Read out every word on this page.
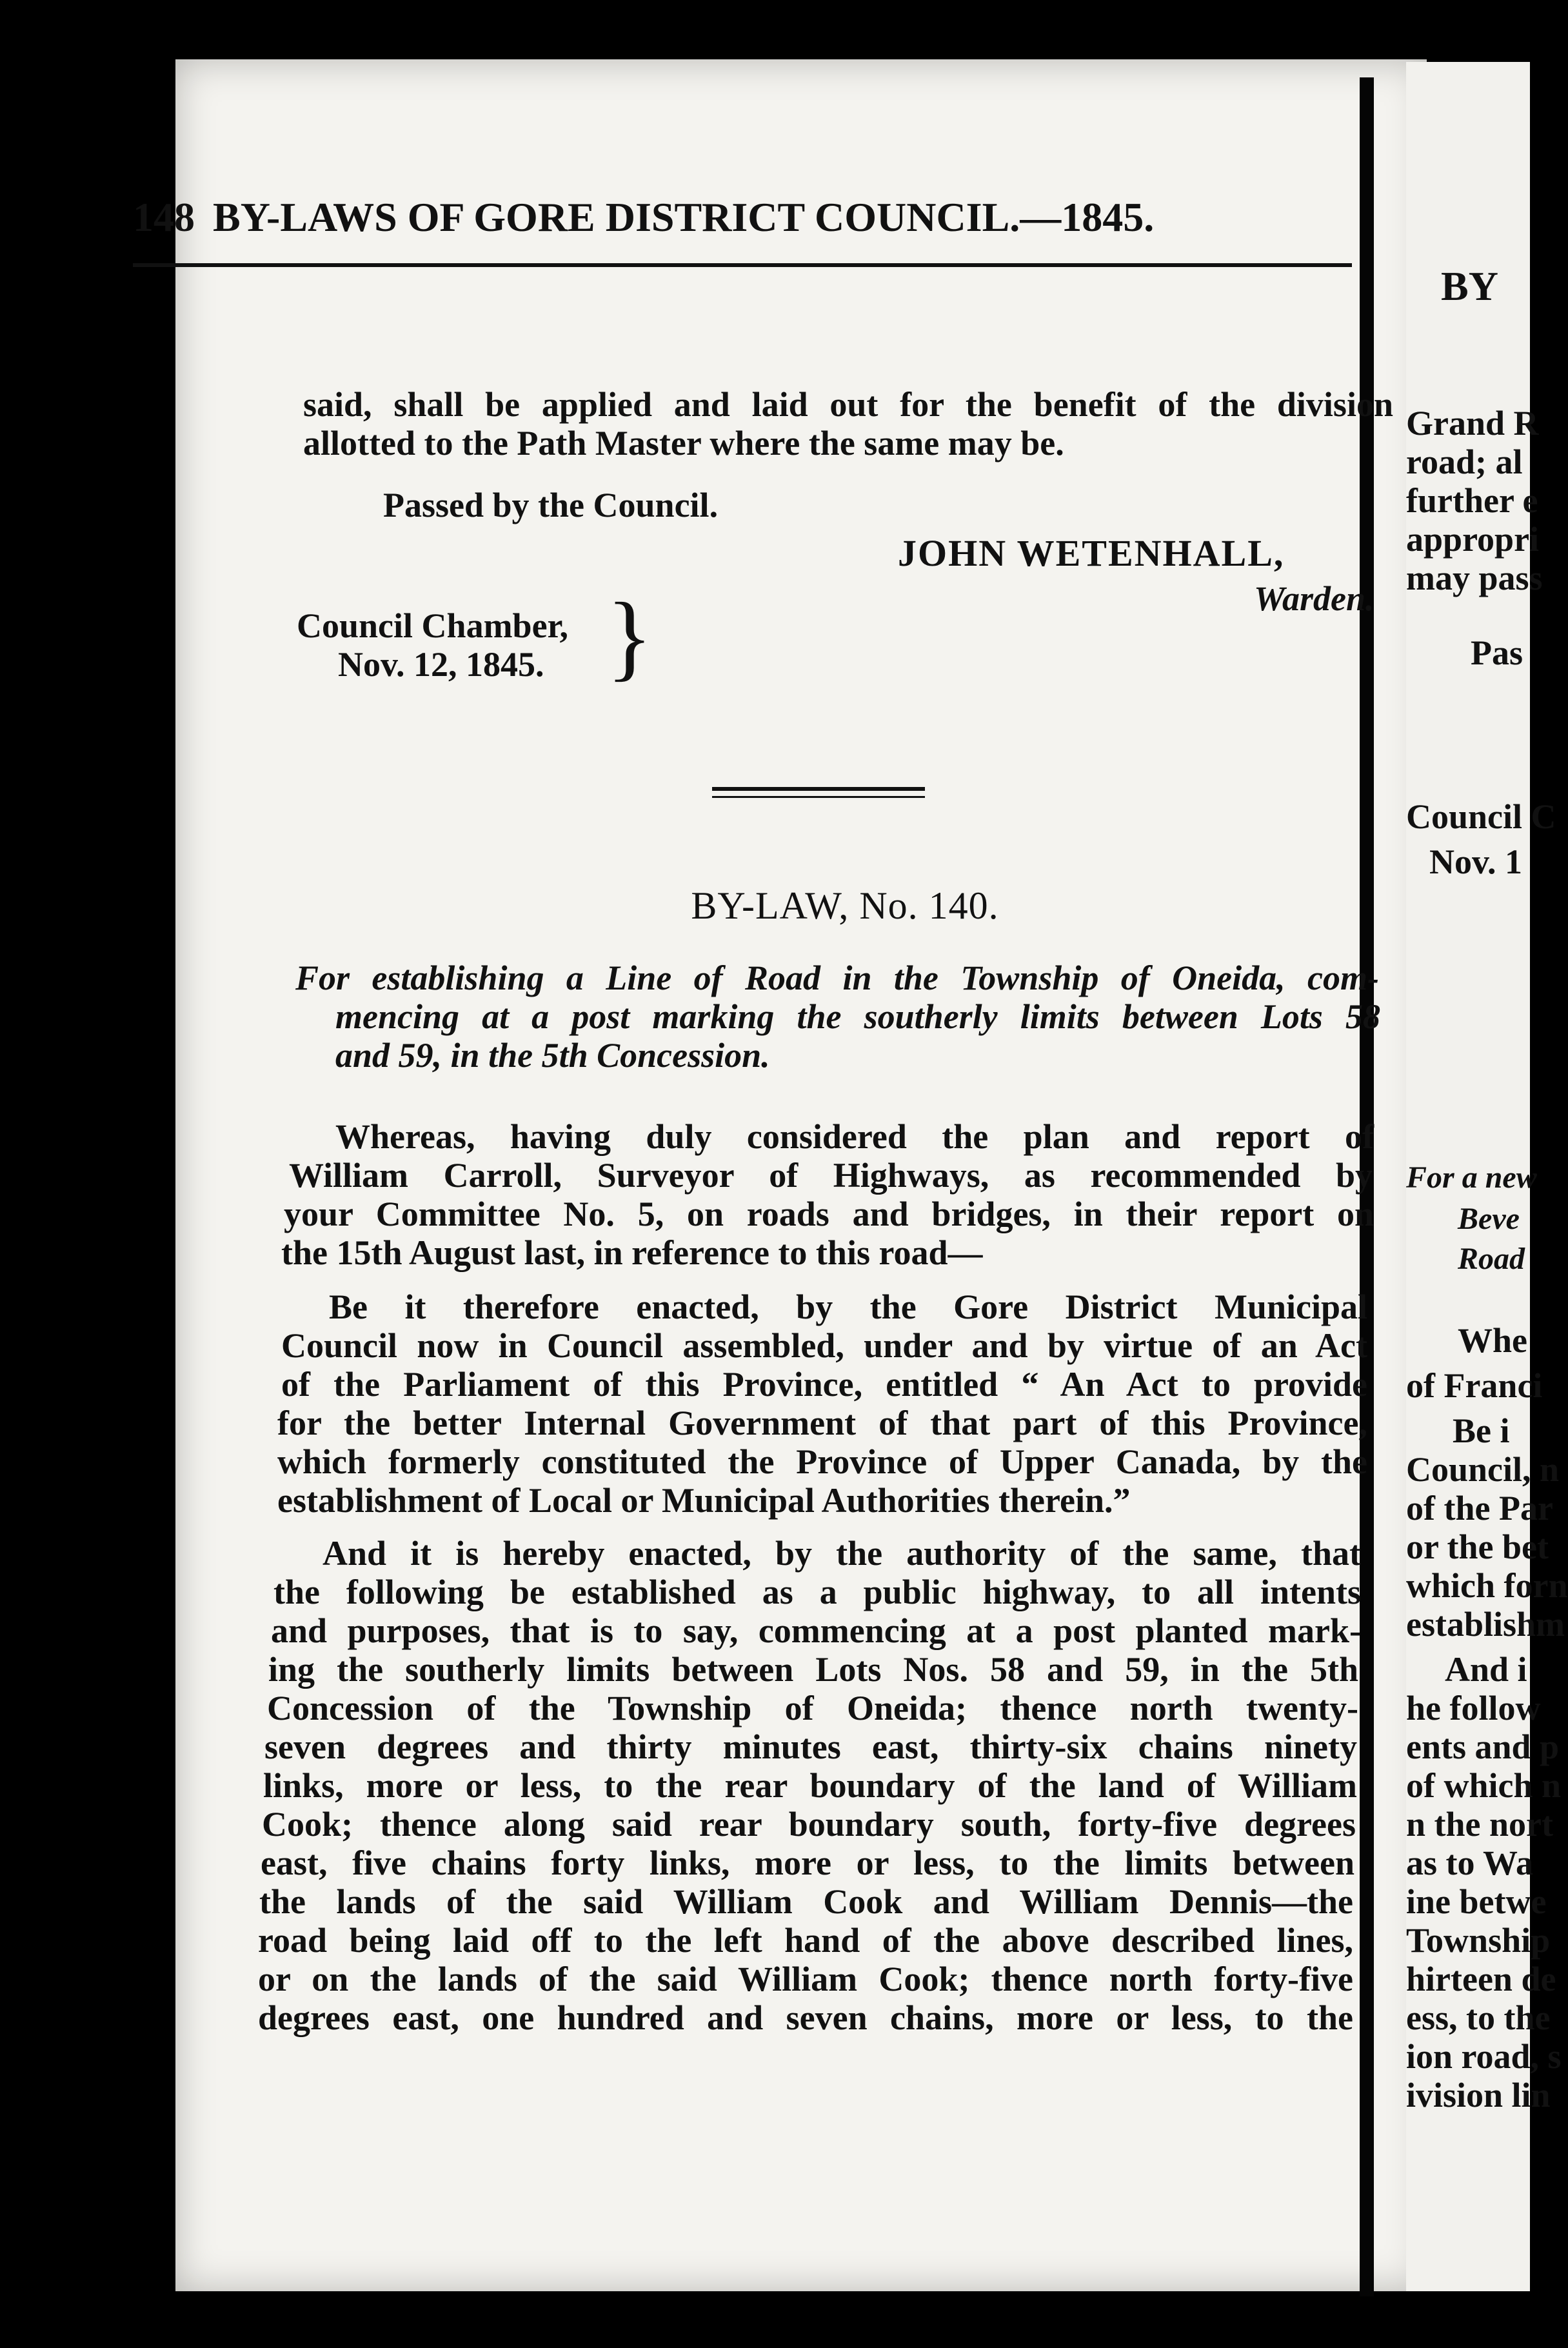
BY
Grand R
road; al
further e
appropri
may pass
Pas
Council C
Nov. 1
For a new
Beve
Road
Whe
of Franci
Be i
Council, n
of the Par
or the bet
which forn
establishm
And i
he follow
ents and p
of which n
n the nort
as to Wa
ine betwe
Township
hirteen de
ess, to the
ion road, s
ivision lin
148 BY-LAWS OF GORE DISTRICT COUNCIL.—1845.
said, shall be applied and laid out for the benefit of the division
allotted to the Path Master where the same may be.
Passed by the Council.
JOHN WETENHALL,
Warden.
Council Chamber,
Nov. 12, 1845. }
BY-LAW, No. 140.
For establishing a Line of Road in the Township of Oneida, com-
mencing at a post marking the southerly limits between Lots 58
and 59, in the 5th Concession.
Whereas, having duly considered the plan and report of
William Carroll, Surveyor of Highways, as recommended by
your Committee No. 5, on roads and bridges, in their report on
the 15th August last, in reference to this road—
Be it therefore enacted, by the Gore District Municipal
Council now in Council assembled, under and by virtue of an Act
of the Parliament of this Province, entitled “ An Act to provide
for the better Internal Government of that part of this Province,
which formerly constituted the Province of Upper Canada, by the
establishment of Local or Municipal Authorities therein.”
And it is hereby enacted, by the authority of the same, that
the following be established as a public highway, to all intents
and purposes, that is to say, commencing at a post planted mark-
ing the southerly limits between Lots Nos. 58 and 59, in the 5th
Concession of the Township of Oneida; thence north twenty-
seven degrees and thirty minutes east, thirty-six chains ninety
links, more or less, to the rear boundary of the land of William
Cook; thence along said rear boundary south, forty-five degrees
east, five chains forty links, more or less, to the limits between
the lands of the said William Cook and William Dennis—the
road being laid off to the left hand of the above described lines,
or on the lands of the said William Cook; thence north forty-five
degrees east, one hundred and seven chains, more or less, to the
